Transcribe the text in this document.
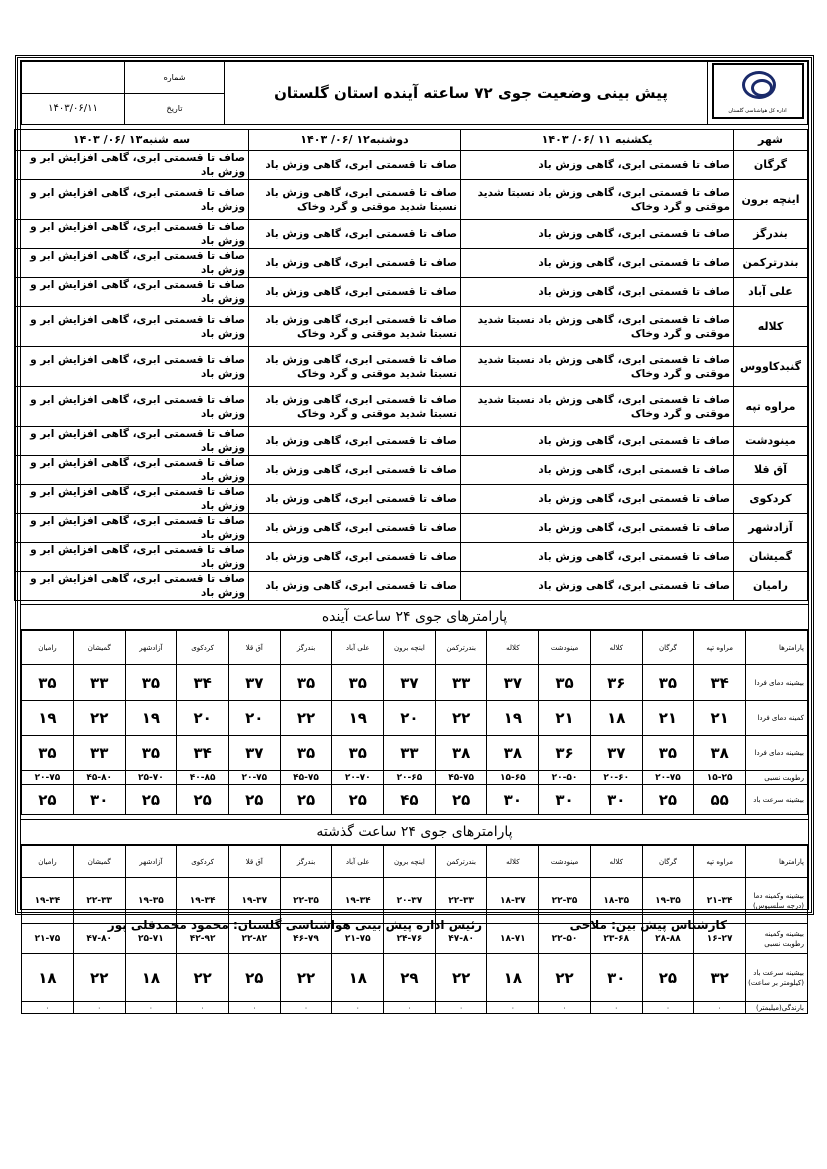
اداره کل هواشناسی گلستان	پیش بینی وضعیت جوی ۷۲ ساعته آینده استان گلستان	شماره	
		تاریخ	۱۴۰۳/۰۶/۱۱
شهر	یکشنبه ۱۱ /۰۶/ ۱۴۰۳	دوشنبه۱۲ /۰۶/ ۱۴۰۳	سه شنبه۱۳ /۰۶/ ۱۴۰۳
گرگان	صاف تا قسمتی ابری، گاهی وزش باد	صاف تا قسمتی ابری، گاهی وزش باد	صاف تا قسمتی ابری، گاهی افزایش ابر و وزش باد
اینچه برون	صاف تا قسمتی ابری، گاهی وزش باد نسبتا شدید موقتی و گرد وخاک	صاف تا قسمتی ابری، گاهی وزش باد نسبتا شدید موقتی و گرد وخاک	صاف تا قسمتی ابری، گاهی افزایش ابر و وزش باد
بندرگز	صاف تا قسمتی ابری، گاهی وزش باد	صاف تا قسمتی ابری، گاهی وزش باد	صاف تا قسمتی ابری، گاهی افزایش ابر و وزش باد
بندرترکمن	صاف تا قسمتی ابری، گاهی وزش باد	صاف تا قسمتی ابری، گاهی وزش باد	صاف تا قسمتی ابری، گاهی افزایش ابر و وزش باد
علی آباد	صاف تا قسمتی ابری، گاهی وزش باد	صاف تا قسمتی ابری، گاهی وزش باد	صاف تا قسمتی ابری، گاهی افزایش ابر و وزش باد
کلاله	صاف تا قسمتی ابری، گاهی وزش باد نسبتا شدید موقتی و گرد وخاک	صاف تا قسمتی ابری، گاهی وزش باد نسبتا شدید موقتی و گرد وخاک	صاف تا قسمتی ابری، گاهی افزایش ابر و وزش باد
گنبدکاووس	صاف تا قسمتی ابری، گاهی وزش باد نسبتا شدید موقتی و گرد وخاک	صاف تا قسمتی ابری، گاهی وزش باد نسبتا شدید موقتی و گرد وخاک	صاف تا قسمتی ابری، گاهی افزایش ابر و وزش باد
مراوه تپه	صاف تا قسمتی ابری، گاهی وزش باد نسبتا شدید موقتی و گرد وخاک	صاف تا قسمتی ابری، گاهی وزش باد نسبتا شدید موقتی و گرد وخاک	صاف تا قسمتی ابری، گاهی افزایش ابر و وزش باد
مینودشت	صاف تا قسمتی ابری، گاهی وزش باد	صاف تا قسمتی ابری، گاهی وزش باد	صاف تا قسمتی ابری، گاهی افزایش ابر و وزش باد
آق قلا	صاف تا قسمتی ابری، گاهی وزش باد	صاف تا قسمتی ابری، گاهی وزش باد	صاف تا قسمتی ابری، گاهی افزایش ابر و وزش باد
کردکوی	صاف تا قسمتی ابری، گاهی وزش باد	صاف تا قسمتی ابری، گاهی وزش باد	صاف تا قسمتی ابری، گاهی افزایش ابر و وزش باد
آزادشهر	صاف تا قسمتی ابری، گاهی وزش باد	صاف تا قسمتی ابری، گاهی وزش باد	صاف تا قسمتی ابری، گاهی افزایش ابر و وزش باد
گمیشان	صاف تا قسمتی ابری، گاهی وزش باد	صاف تا قسمتی ابری، گاهی وزش باد	صاف تا قسمتی ابری، گاهی افزایش ابر و وزش باد
رامیان	صاف تا قسمتی ابری، گاهی وزش باد	صاف تا قسمتی ابری، گاهی وزش باد	صاف تا قسمتی ابری، گاهی افزایش ابر و وزش باد
پارامترهای جوی ۲۴ ساعت آینده
پارامترها	مراوه تپه	گرگان	کلاله	مینودشت	کلاله	بندرترکمن	اینچه برون	علی آباد	بندرگز	آق قلا	کردکوی	آزادشهر	گمیشان	رامیان
بیشینه دمای فردا	۳۴	۳۵	۳۶	۳۵	۳۷	۳۳	۳۷	۳۵	۳۵	۳۷	۳۴	۳۵	۳۳	۳۵
کمینه دمای فردا	۲۱	۲۱	۱۸	۲۱	۱۹	۲۲	۲۰	۱۹	۲۲	۲۰	۲۰	۱۹	۲۲	۱۹
بیشینه دمای فردا	۳۸	۳۵	۳۷	۳۶	۳۸	۳۸	۳۳	۳۵	۳۵	۳۷	۳۴	۳۵	۳۳	۳۵
رطوبت نسبی	۱۵-۲۵	۲۰-۷۵	۲۰-۶۰	۲۰-۵۰	۱۵-۶۵	۴۵-۷۵	۲۰-۶۵	۲۰-۷۰	۴۵-۷۵	۲۰-۷۵	۴۰-۸۵	۲۵-۷۰	۴۵-۸۰	۲۰-۷۵
بیشینه سرعت باد	۵۵	۲۵	۳۰	۳۰	۳۰	۲۵	۴۵	۲۵	۲۵	۲۵	۲۵	۲۵	۳۰	۲۵
پارامترهای جوی ۲۴ ساعت گذشته
پارامترها	مراوه تپه	گرگان	کلاله	مینودشت	کلاله	بندرترکمن	اینچه برون	علی آباد	بندرگز	آق قلا	کردکوی	آزادشهر	گمیشان	رامیان
بیشینه وکمینه دما (درجه سلسیوس)	۲۱-۳۴	۱۹-۳۵	۱۸-۳۵	۲۲-۳۵	۱۸-۳۷	۲۲-۳۳	۲۰-۳۷	۱۹-۳۴	۲۲-۳۵	۱۹-۳۷	۱۹-۳۴	۱۹-۳۵	۲۲-۳۳	۱۹-۳۴
بیشینه وکمینه رطوبت نسبی	۱۶-۲۷	۲۸-۸۸	۲۳-۶۸	۲۲-۵۰	۱۸-۷۱	۴۷-۸۰	۲۴-۷۶	۲۱-۷۵	۴۶-۷۹	۲۲-۸۲	۴۲-۹۲	۲۵-۷۱	۴۷-۸۰	۲۱-۷۵
بیشینه سرعت باد (کیلومتر بر ساعت)	۳۲	۲۵	۳۰	۲۲	۱۸	۲۲	۲۹	۱۸	۲۲	۲۵	۲۲	۱۸	۲۲	۱۸
بارندگی(میلیمتر)	۰	۰	۰	۰	۰	۰	۰	۰	۰	۰	۰	۰	۰	۰
کارشناس پیش بین: ملاحی
رئیس اداره پیش بینی هواشناسی گلستان: محمود محمدقلی پور
